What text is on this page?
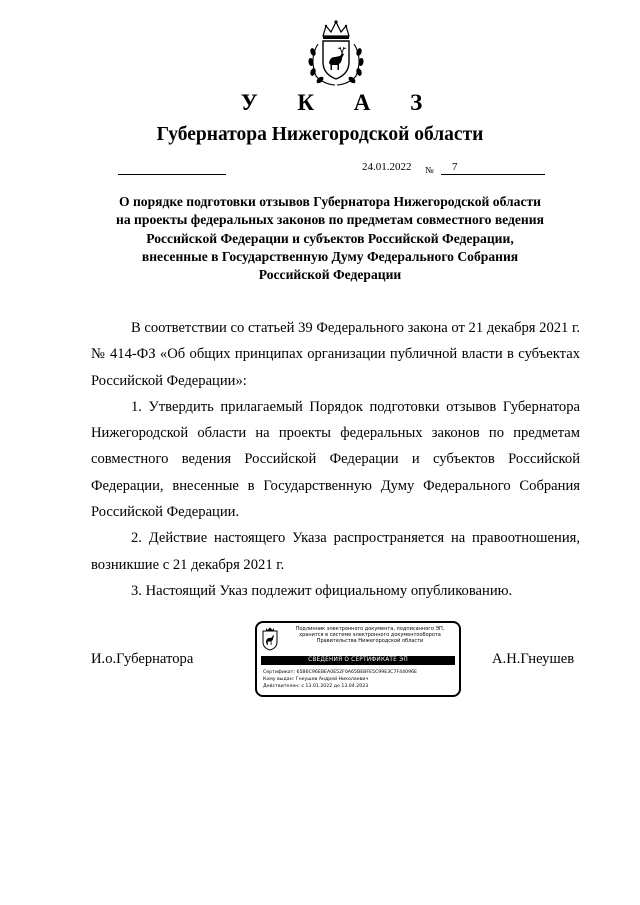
У К А З
Губернатора Нижегородской области
24.01.2022 № 7
О порядке подготовки отзывов Губернатора Нижегородской области на проекты федеральных законов по предметам совместного ведения Российской Федерации и субъектов Российской Федерации, внесенные в Государственную Думу Федерального Собрания Российской Федерации

В соответствии со статьей 39 Федерального закона от 21 декабря 2021 г. № 414-ФЗ «Об общих принципах организации публичной власти в субъектах Российской Федерации»:

1. Утвердить прилагаемый Порядок подготовки отзывов Губернатора Нижегородской области на проекты федеральных законов по предметам совместного ведения Российской Федерации и субъектов Российской Федерации, внесенные в Государственную Думу Федерального Собрания Российской Федерации.

2. Действие настоящего Указа распространяется на правоотношения, возникшие с 21 декабря 2021 г.

3. Настоящий Указ подлежит официальному опубликованию.

И.о.Губернатора
Подлинник электронного документа, подписанного ЭП,
хранится в системе электронного документооборота
Правительства Нижегородской области
СВЕДЕНИЯ О СЕРТИФИКАТЕ ЭП
Сертификат: 65B6C96EBEA0E52F0A65BEBFE5C99E3C7F44096E
Кому выдан: Гнеушев Андрей Николаевич
Действителен: с 13.01.2022 до 13.04.2023
А.Н.Гнеушев
